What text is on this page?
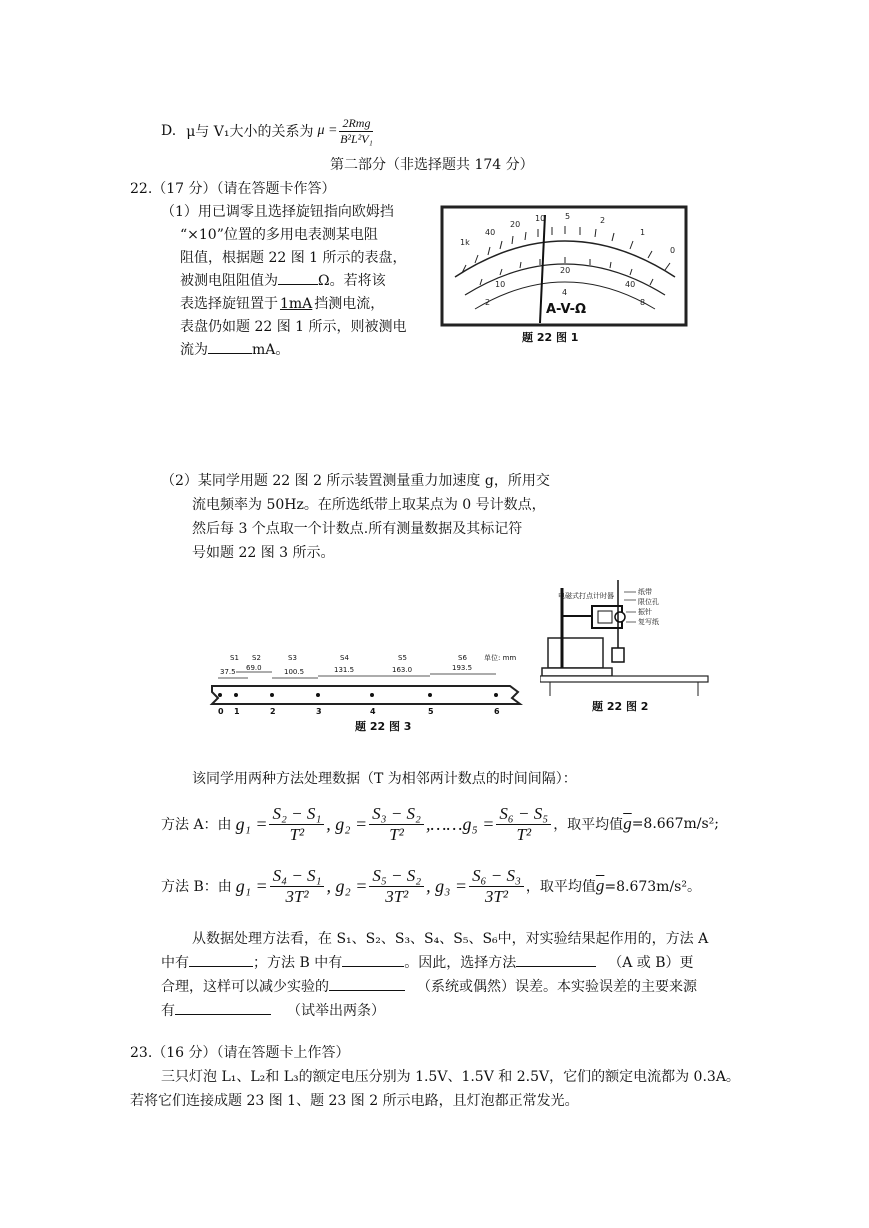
D. μ与 V₁大小的关系为 $\mu = \frac{\text{2Rmg}}{\text{B²L²V₁}}$
第二部分（非选择题共 174 分）
22.（17 分）（请在答题卡作答）
（1）用已调零且选择旋钮指向欧姆挡
“×10”位置的多用电表测某电阻
阻值，根据题 22 图 1 所示的表盘，
被测电阻阻值为	Ω。若将该
表选择旋钮置于 1mA 挡测电流，
表盘仍如题 22 图 1 所示，则被测电
流为	mA。
1k
40
20
10 5	2
1
0
10
20
40
2
4
8
A-V-Ω
题 22 图 1
（2）某同学用题 22 图 2 所示装置测量重力加速度 g，所用交
流电频率为 50Hz。在所选纸带上取某点为 0 号计数点，
然后每 3 个点取一个计数点.所有测量数据及其标记符
号如题 22 图 3 所示。
0 1	2	3	4	5	6
S1 S2	S3	S4	S5	S6
37.5 69.0	100.5	131.5	163.0	193.5
单位: mm
题 22 图 3
电磁式打点计时器	纸带
限位孔
振针
复写纸
题 22 图 2
该同学用两种方法处理数据（T 为相邻两计数点的时间间隔）：
方法 A：由 $g_1 = \frac{\text{S₂ − S₁}}{\text{T²}}$ , $g_2 = \frac{\text{S₃ − S₂}}{\text{T²}}$ ,……g₅ = $\frac{\text{S₆ − S₅}}{\text{T²}}$ ，取平均值 $\overline{g} =8.667m/s^2$;
方法 B：由 $g_1 = \frac{\text{S₄ − S₁}}{\text{3T²}}$ , $g_2 = \frac{\text{S₅ − S₂}}{\text{3T²}}$ , $g_3 = \frac{\text{S₆ − S₃}}{\text{3T²}}$ ，取平均值 $\overline{g} =8.673m/s^2$。
从数据处理方法看，在 S₁、S₂、S₃、S₄、S₅、S₆中，对实验结果起作用的，方法 A
中有	；方法 B 中有	。因此，选择方法	（A 或 B）更
合理，这样可以减少实验的	（系统或偶然）误差。本实验误差的主要来源
有	（试举出两条）
23.（16 分）（请在答题卡上作答）
三只灯泡 L₁、L₂和 L₃的额定电压分别为 1.5V、1.5V 和 2.5V，它们的额定电流都为 0.3A。
若将它们连接成题 23 图 1、题 23 图 2 所示电路，且灯泡都正常发光。
